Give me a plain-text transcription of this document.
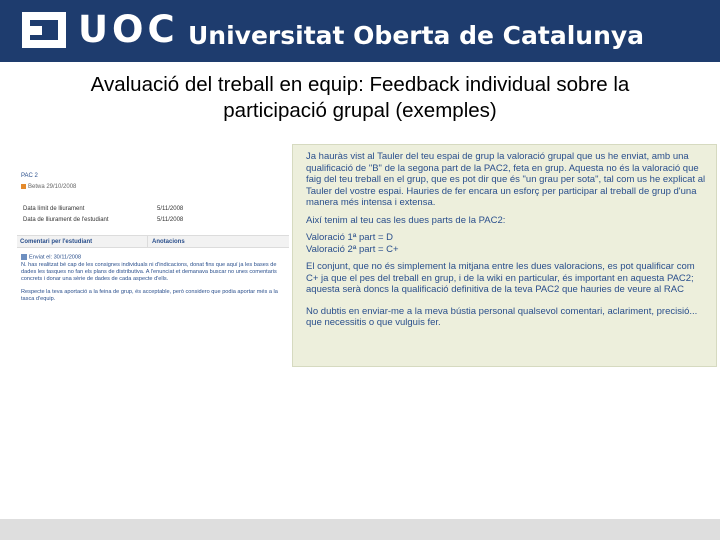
UOC Universitat Oberta de Catalunya
Avaluació del treball en equip: Feedback individual sobre la
participació grupal (exemples)
PAC 2
Betwa 29/10/2008
Data límit de lliurament	5/11/2008
Data de lliurament de l'estudiant	5/11/2008
Comentari per l'estudiant	Anotacions
Enviat el: 30/11/2008

N. has realitzat bé cap de les consignes individuals ni d'indicacions, donat fins que aquí ja les bases de dades les tasques no fan els plans de distributiva. A l'enunciat et demanava buscar no unes comentaris concrets i donar una sèrie de dades de cada aspecte d'ells.

Respecte la teva aportació a la feina de grup, és acceptable, però considero que podia aportar més a la tasca d'equip.

Ja hauràs vist al Tauler del teu espai de grup la valoració grupal que us he enviat, amb una qualificació de "B" de la segona part de la PAC2, feta en grup. Aquesta no és la valoració que faig del teu treball en el grup, que es pot dir que és "un grau per sota", tal com us he explicat al Tauler del vostre espai. Hauries de fer encara un esforç per participar al treball de grup d'una manera més intensa i extensa.

Així tenim al teu cas les dues parts de la PAC2:

Valoració 1ª part = D

Valoració 2ª part = C+

El conjunt, que no és simplement la mitjana entre les dues valoracions, es pot qualificar com C+ ja que el pes del treball en grup, i de la wiki en particular, és important en aquesta PAC2; aquesta serà doncs la qualificació definitiva de la teva PAC2 que hauries de veure al RAC

No dubtis en enviar-me a la meva bústia personal qualsevol comentari, aclariment, precisió... que necessitis o que vulguis fer.
